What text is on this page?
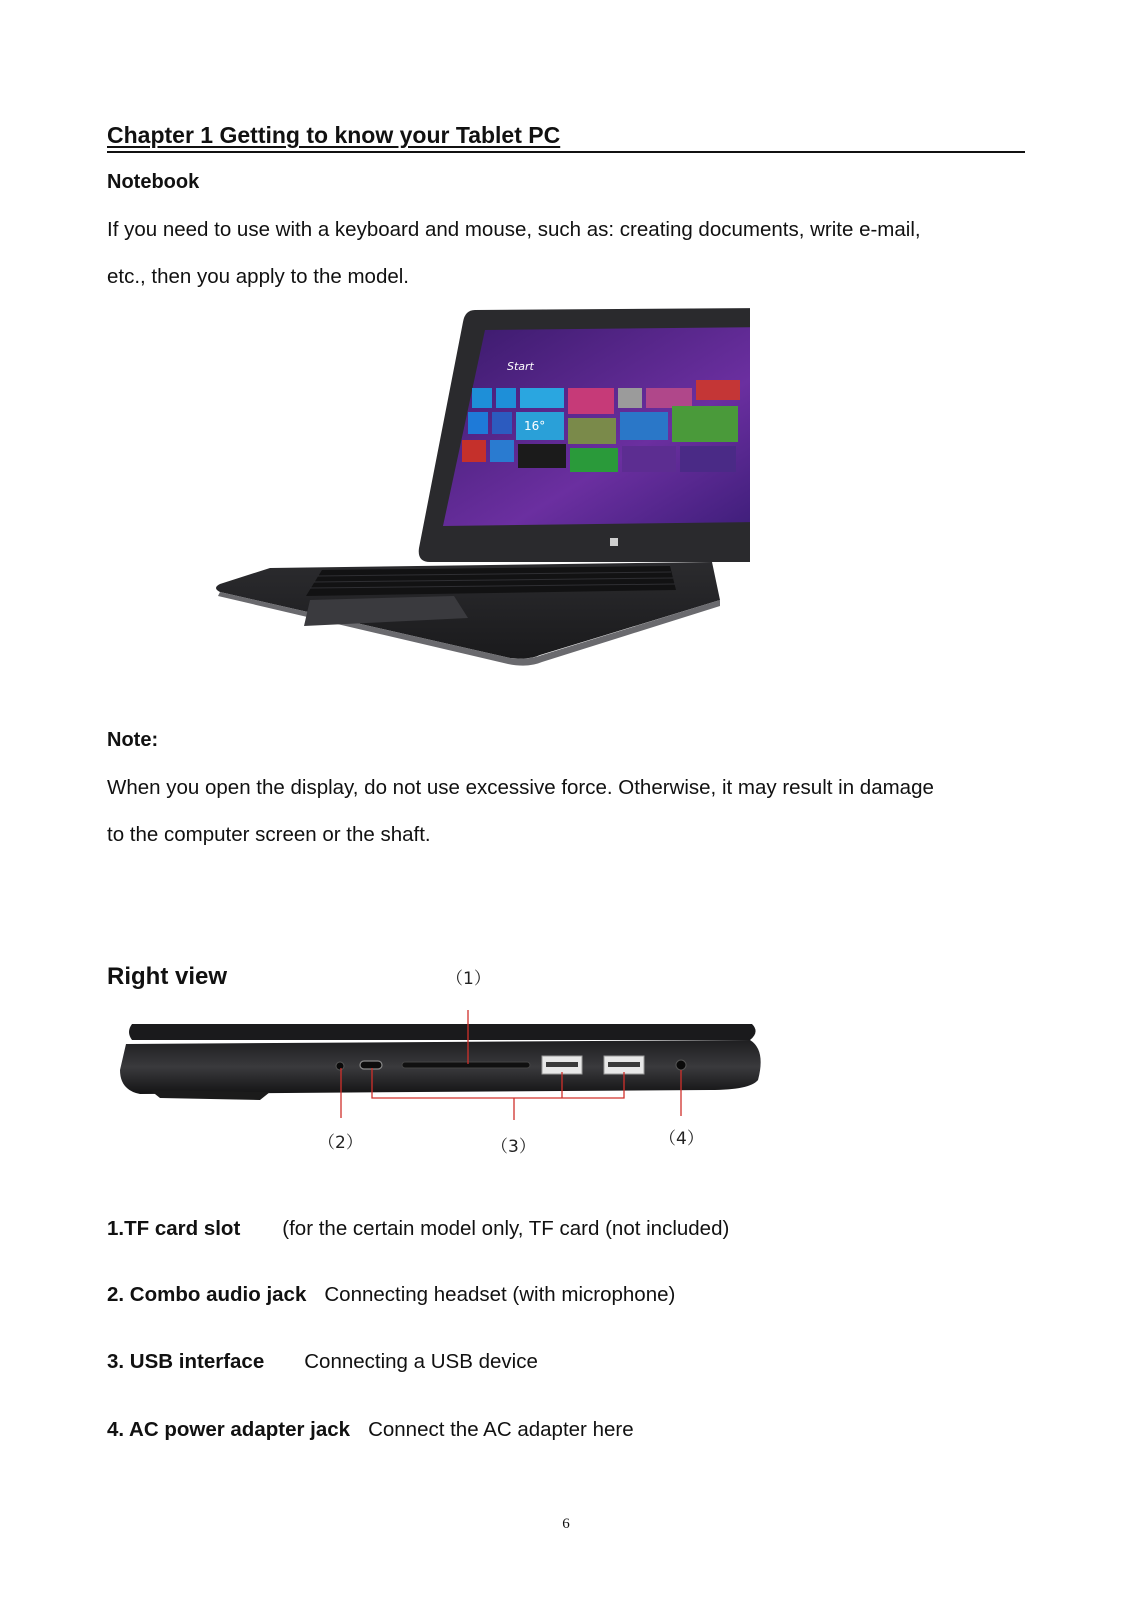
Chapter 1 Getting to know your Tablet PC
Notebook
If you need to use with a keyboard and mouse, such as: creating documents, write e-mail,
etc., then you apply to the model.
Start
16°
Note:
When you open the display, do not use excessive force. Otherwise, it may result in damage
to the computer screen or the shaft.
Right view	（1）
（2）	（3）	（4）
1.TF card slot (for the certain model only, TF card (not included)
2. Combo audio jack Connecting headset (with microphone)
3. USB interface Connecting a USB device
4. AC power adapter jack Connect the AC adapter here
6
